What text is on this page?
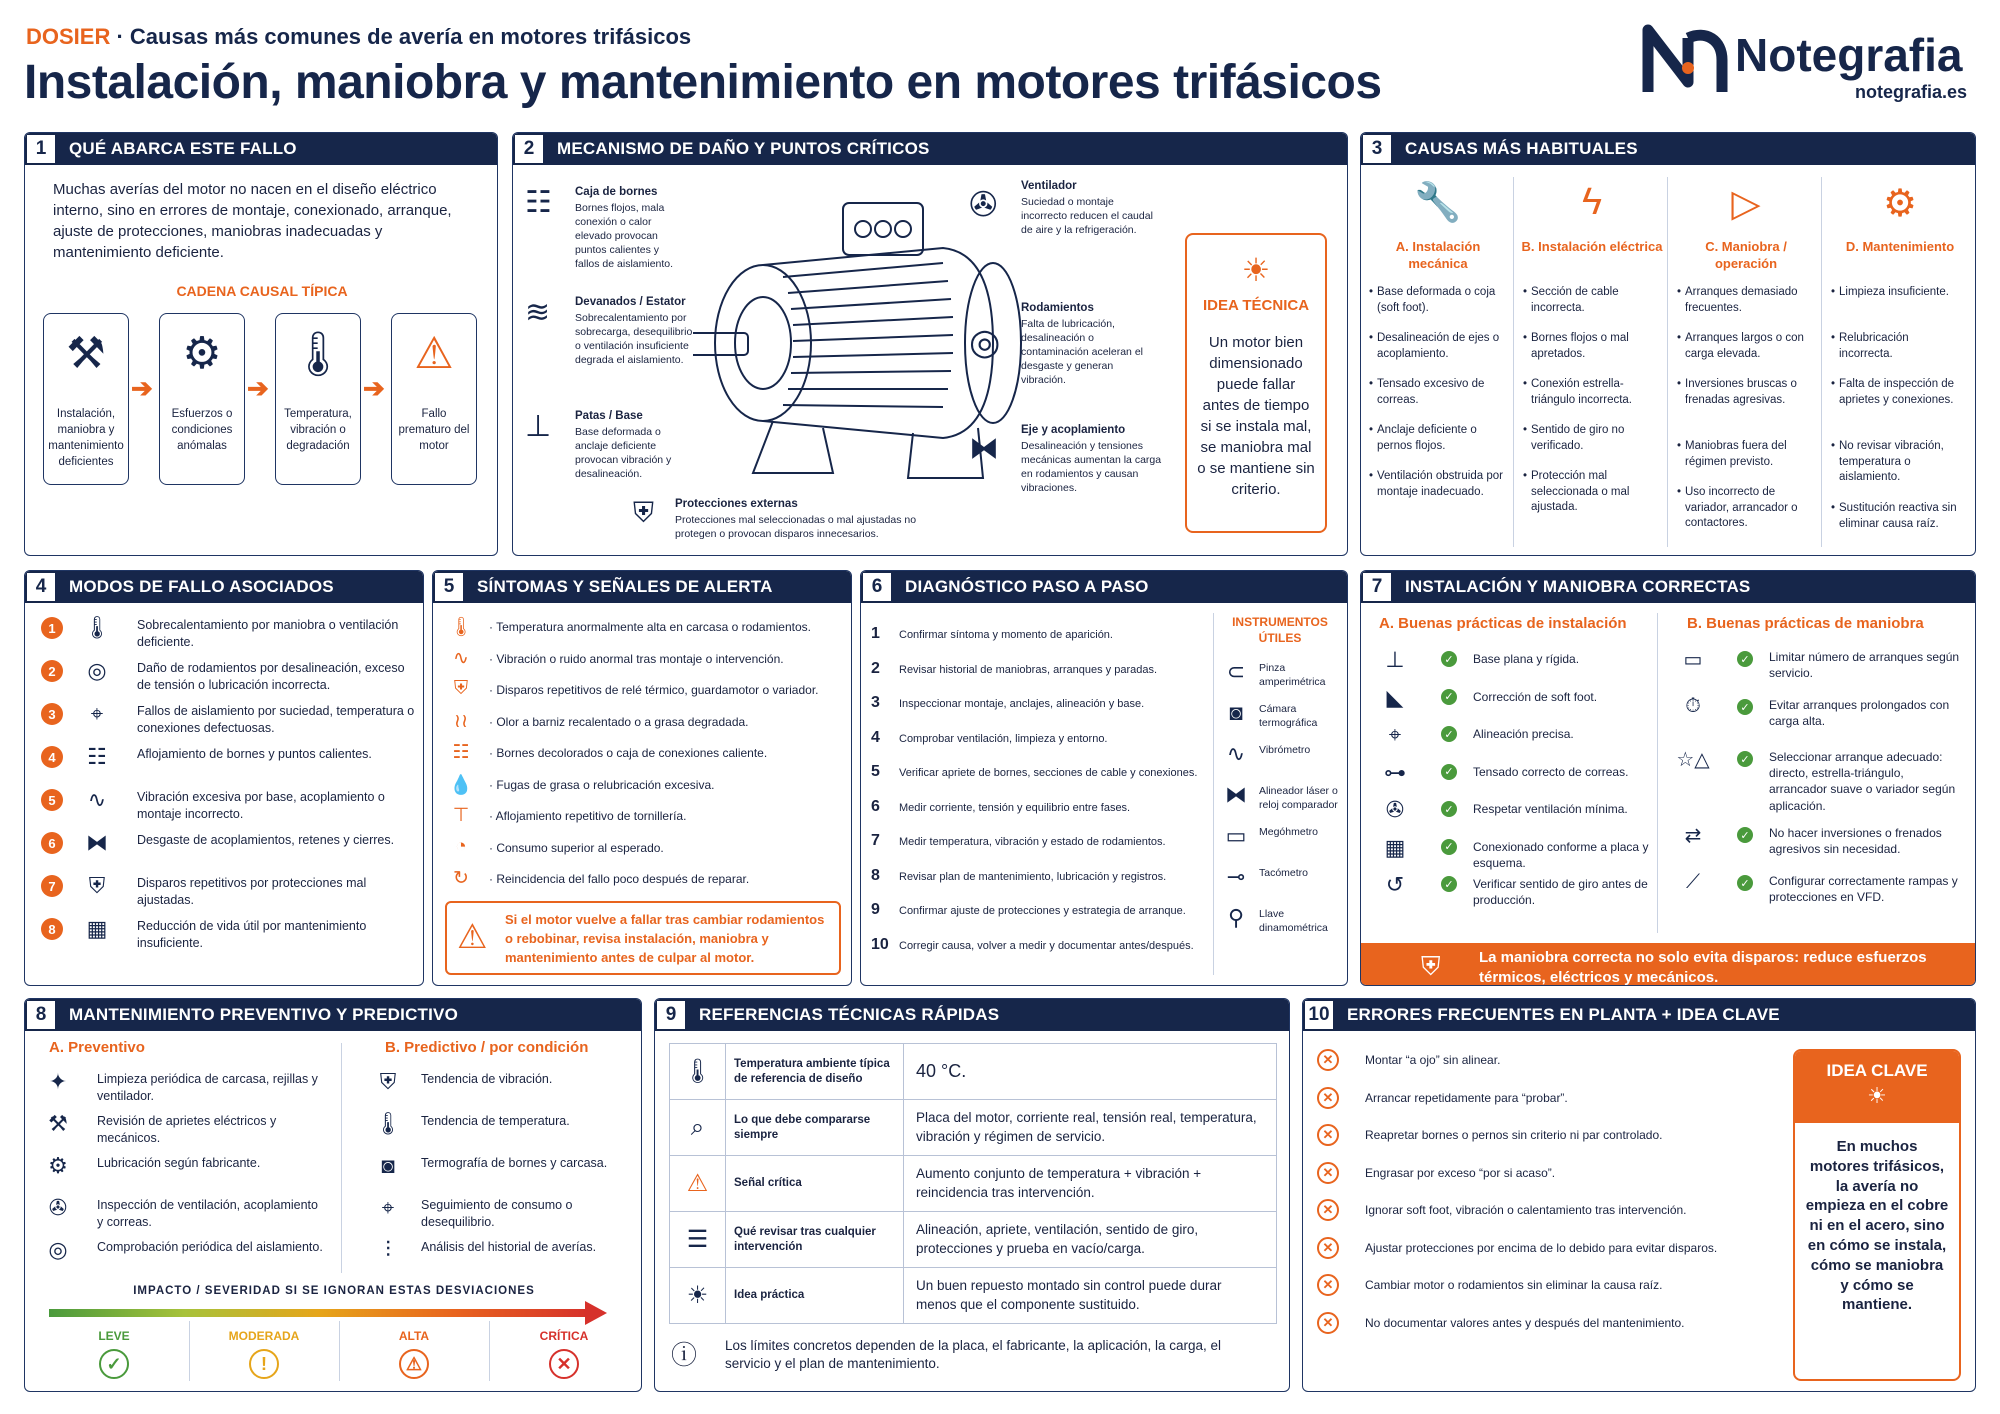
DOSIER · Causas más comunes de avería en motores trifásicos
Instalación, maniobra y mantenimiento en motores trifásicos
Notegrafia
notegrafia.es
1	QUÉ ABARCA ESTE FALLO
Muchas averías del motor no nacen en el diseño eléctrico interno, sino en errores de montaje, conexionado, arranque, ajuste de protecciones, maniobras inadecuadas y mantenimiento deficiente.
CADENA CAUSAL TÍPICA
⚒
Instalación, maniobra y mantenimiento deficientes
➔
⚙
Esfuerzos o condiciones anómalas
➔
🌡
Temperatura, vibración o degradación
➔
⚠
Fallo prematuro del motor
2	MECANISMO DE DAÑO Y PUNTOS CRÍTICOS
☷ Caja de bornes
Bornes flojos, mala conexión o calor elevado provocan puntos calientes y fallos de aislamiento.
≋ Devanados / Estator
Sobrecalentamiento por sobrecarga, desequilibrio o ventilación insuficiente degrada el aislamiento.
⊥ Patas / Base
Base deformada o anclaje deficiente provocan vibración y desalineación.
⛨ Protecciones externas
Protecciones mal seleccionadas o mal ajustadas no protegen o provocan disparos innecesarios.
✇ Ventilador
Suciedad o montaje incorrecto reducen el caudal de aire y la refrigeración.
◎
Rodamientos
Falta de lubricación, desalineación o contaminación aceleran el desgaste y generan vibración.
⧓
Eje y acoplamiento
Desalineación y tensiones mecánicas aumentan la carga en rodamientos y causan vibraciones.
☀
IDEA TÉCNICA
Un motor bien dimensionado puede fallar antes de tiempo si se instala mal, se maniobra mal o se mantiene sin criterio.
3	CAUSAS MÁS HABITUALES
🔧
A. Instalación mecánica
• Base deformada o coja (soft foot).
• Desalineación de ejes o acoplamiento.
• Tensado excesivo de correas.
• Anclaje deficiente o pernos flojos.
• Ventilación obstruida por montaje inadecuado.
ϟ
B. Instalación eléctrica
• Sección de cable incorrecta.
• Bornes flojos o mal apretados.
• Conexión estrella-triángulo incorrecta.
• Sentido de giro no verificado.
• Protección mal seleccionada o mal ajustada.
▷
C. Maniobra / operación
• Arranques demasiado frecuentes.
• Arranques largos o con carga elevada.
• Inversiones bruscas o frenadas agresivas.
• Maniobras fuera del régimen previsto.
• Uso incorrecto de variador, arrancador o contactores.
⚙
D. Mantenimiento
• Limpieza insuficiente.
• Relubricación incorrecta.
• Falta de inspección de aprietes y conexiones.
• No revisar vibración, temperatura o aislamiento.
• Sustitución reactiva sin eliminar causa raíz.
4	MODOS DE FALLO ASOCIADOS
1	🌡 Sobrecalentamiento por maniobra o ventilación deficiente.
2	◎	Daño de rodamientos por desalineación, exceso de tensión o lubricación incorrecta.
3	⌖	Fallos de aislamiento por suciedad, temperatura o conexiones defectuosas.
4	☷	Aflojamiento de bornes y puntos calientes.
5	∿	Vibración excesiva por base, acoplamiento o montaje incorrecto.
6	⧓	Desgaste de acoplamientos, retenes y cierres.
7	⛨	Disparos repetitivos por protecciones mal ajustadas.
8	▦	Reducción de vida útil por mantenimiento insuficiente.
5	SÍNTOMAS Y SEÑALES DE ALERTA
⚠ Si el motor vuelve a fallar tras cambiar rodamientos o rebobinar, revisa instalación, maniobra y mantenimiento antes de culpar al motor.
🌡 · Temperatura anormalmente alta en carcasa o rodamientos.
∿	· Vibración o ruido anormal tras montaje o intervención.
⛨	· Disparos repetitivos de relé térmico, guardamotor o variador.
≀≀	· Olor a barniz recalentado o a grasa degradada.
☷	· Bornes decolorados o caja de conexiones caliente.
💧 · Fugas de grasa o relubricación excesiva.
⊤	· Aflojamiento repetitivo de tornillería.
◔	· Consumo superior al esperado.
↻	· Reincidencia del fallo poco después de reparar.
6	DIAGNÓSTICO PASO A PASO
INSTRUMENTOS ÚTILES
1	Confirmar síntoma y momento de aparición.
2	Revisar historial de maniobras, arranques y paradas.
3	Inspeccionar montaje, anclajes, alineación y base.
4	Comprobar ventilación, limpieza y entorno.
5	Verificar apriete de bornes, secciones de cable y conexiones.
6	Medir corriente, tensión y equilibrio entre fases.
7	Medir temperatura, vibración y estado de rodamientos.
8	Revisar plan de mantenimiento, lubricación y registros.
9	Confirmar ajuste de protecciones y estrategia de arranque.
10 Corregir causa, volver a medir y documentar antes/después.
⊂	Pinza amperimétrica
◙	Cámara termográfica
∿	Vibrómetro
⧓	Alineador láser o reloj comparador
▭	Megóhmetro
⊸	Tacómetro
⚲	Llave dinamométrica
7	INSTALACIÓN Y MANIOBRA CORRECTAS
A. Buenas prácticas de instalación	B. Buenas prácticas de maniobra
⛨	La maniobra correcta no solo evita disparos: reduce esfuerzos térmicos, eléctricos y mecánicos.
⊥	✓ Base plana y rígida.
◣	✓ Corrección de soft foot.
⌖	✓ Alineación precisa.
⊶	✓ Tensado correcto de correas.
✇	✓ Respetar ventilación mínima.
▦	✓ Conexionado conforme a placa y esquema.
↺	✓ Verificar sentido de giro antes de producción.
▭	✓ Limitar número de arranques según servicio.
⏱	✓ Evitar arranques prolongados con carga alta.
☆△	✓ Seleccionar arranque adecuado: directo, estrella-triángulo, arrancador suave o variador según aplicación.
⇄	✓ No hacer inversiones o frenados agresivos sin necesidad.
⟋	✓ Configurar correctamente rampas y protecciones en VFD.
8	MANTENIMIENTO PREVENTIVO Y PREDICTIVO
A. Preventivo	B. Predictivo / por condición
IMPACTO / SEVERIDAD SI SE IGNORAN ESTAS DESVIACIONES
✦	Limpieza periódica de carcasa, rejillas y ventilador.
⚒	Revisión de aprietes eléctricos y mecánicos.
⚙	Lubricación según fabricante.
✇	Inspección de ventilación, acoplamiento y correas.
◎	Comprobación periódica del aislamiento.
⛨	Tendencia de vibración.
🌡 Tendencia de temperatura.
◙	Termografía de bornes y carcasa.
⌖	Seguimiento de consumo o desequilibrio.
⫶	Análisis del historial de averías.
LEVE
✓
MODERADA
!
ALTA
⚠
CRÍTICA
✕
9	REFERENCIAS TÉCNICAS RÁPIDAS
ⓘ Los límites concretos dependen de la placa, el fabricante, la aplicación, la carga, el servicio y el plan de mantenimiento.
🌡	Temperatura ambiente típica de referencia de diseño	40 °C.
⌕	Lo que debe compararse siempre	Placa del motor, corriente real, tensión real, temperatura, vibración y régimen de servicio.
⚠	Señal crítica	Aumento conjunto de temperatura + vibración + reincidencia tras intervención.
☰	Qué revisar tras cualquier intervención	Alineación, apriete, ventilación, sentido de giro, protecciones y prueba en vacío/carga.
☀	Idea práctica	Un buen repuesto montado sin control puede durar menos que el componente sustituido.
10	ERRORES FRECUENTES EN PLANTA + IDEA CLAVE
IDEA CLAVE
☀
En muchos motores trifásicos, la avería no empieza en el cobre ni en el acero, sino en cómo se instala, cómo se maniobra y cómo se mantiene.
✕	Montar “a ojo” sin alinear.
✕	Arrancar repetidamente para “probar”.
✕	Reapretar bornes o pernos sin criterio ni par controlado.
✕	Engrasar por exceso “por si acaso”.
✕	Ignorar soft foot, vibración o calentamiento tras intervención.
✕	Ajustar protecciones por encima de lo debido para evitar disparos.
✕	Cambiar motor o rodamientos sin eliminar la causa raíz.
✕	No documentar valores antes y después del mantenimiento.
